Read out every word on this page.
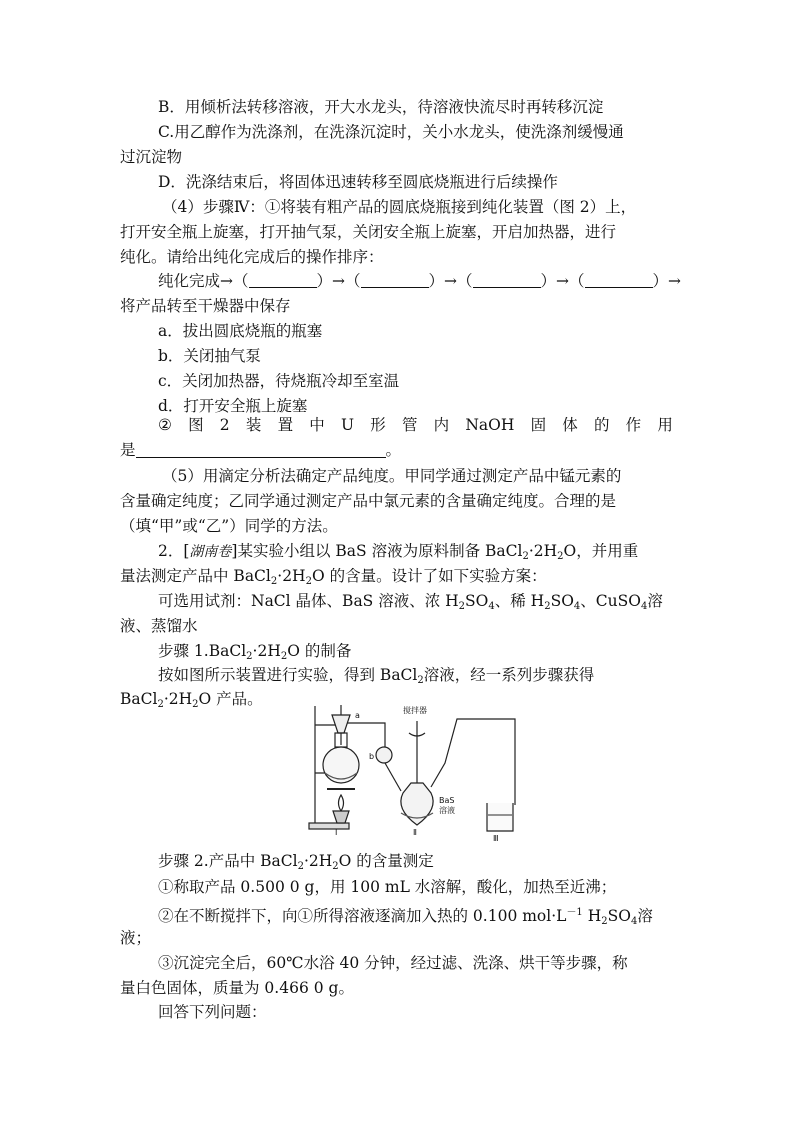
B．用倾析法转移溶液，开大水龙头，待溶液快流尽时再转移沉淀
C.用乙醇作为洗涤剂，在洗涤沉淀时，关小水龙头，使洗涤剂缓慢通
过沉淀物
D．洗涤结束后，将固体迅速转移至圆底烧瓶进行后续操作
（4）步骤Ⅳ：①将装有粗产品的圆底烧瓶接到纯化装置（图 2）上，
打开安全瓶上旋塞，打开抽气泵，关闭安全瓶上旋塞，开启加热器，进行
纯化。请给出纯化完成后的操作排序：
纯化完成→（	）→（	）→（	）→（	）→
将产品转至干燥器中保存
a．拔出圆底烧瓶的瓶塞
b．关闭抽气泵
c．关闭加热器，待烧瓶冷却至室温
d．打开安全瓶上旋塞
② 图 2 装 置 中 U 形 管 内 NaOH 固 体 的 作 用
是	。
（5）用滴定分析法确定产品纯度。甲同学通过测定产品中锰元素的
含量确定纯度；乙同学通过测定产品中氯元素的含量确定纯度。合理的是
（填“甲”或“乙”）同学的方法。
2．[湖南卷]某实验小组以 BaS 溶液为原料制备 $BaCl_2\cdot 2H_2O$，并用重
量法测定产品中 $BaCl_2\cdot 2H_2O$ 的含量。设计了如下实验方案：
可选用试剂：NaCl 晶体、BaS 溶液、浓 $H_2SO_4$、稀 $H_2SO_4$、CuSO$_4$溶
液、蒸馏水
步骤 $1.BaCl_2\cdot 2H_2O$ 的制备
按如图所示装置进行实验，得到 BaCl$_2$溶液，经一系列步骤获得
$BaCl_2\cdot 2H_2O$ 产品。
a
b
搅拌器
BaS
溶液
Ⅰ	Ⅱ
Ⅲ
步骤 2.产品中 $BaCl_2\cdot 2H_2O$ 的含量测定
①称取产品 0.500 0 g，用 100 mL 水溶解，酸化，加热至近沸；
②在不断搅拌下，向①所得溶液逐滴加入热的 0.100 $mol\cdot L^{-1}$ $H_2SO_4$溶
液；
③沉淀完全后，60℃水浴 40 分钟，经过滤、洗涤、烘干等步骤，称
量白色固体，质量为 0.466 0 g。
回答下列问题：
